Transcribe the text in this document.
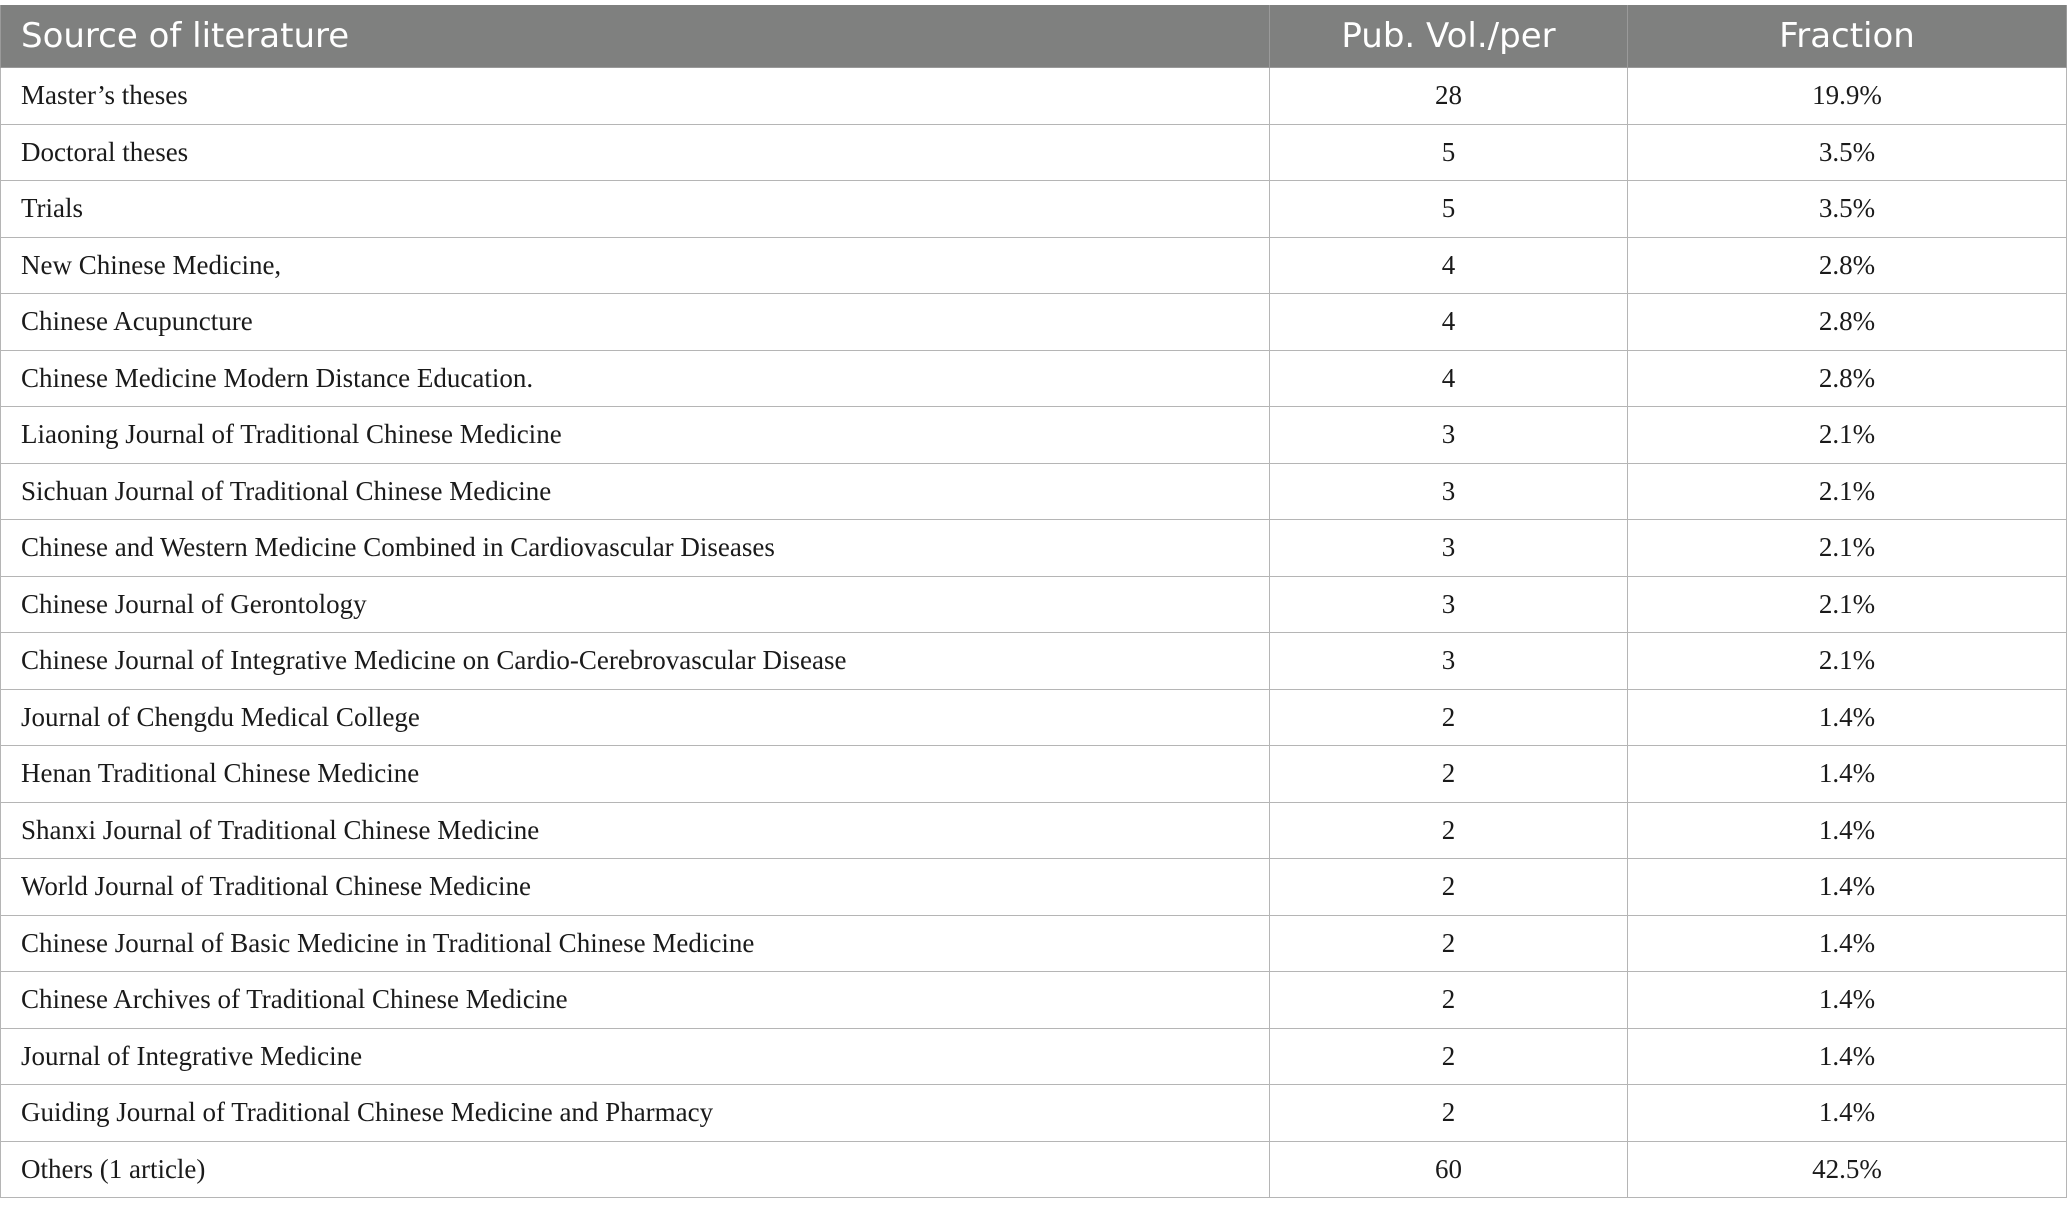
Source of literature	Pub. Vol./per	Fraction
Master’s theses	28	19.9%
Doctoral theses	5	3.5%
Trials	5	3.5%
New Chinese Medicine,	4	2.8%
Chinese Acupuncture	4	2.8%
Chinese Medicine Modern Distance Education.	4	2.8%
Liaoning Journal of Traditional Chinese Medicine	3	2.1%
Sichuan Journal of Traditional Chinese Medicine	3	2.1%
Chinese and Western Medicine Combined in Cardiovascular Diseases	3	2.1%
Chinese Journal of Gerontology	3	2.1%
Chinese Journal of Integrative Medicine on Cardio-Cerebrovascular Disease	3	2.1%
Journal of Chengdu Medical College	2	1.4%
Henan Traditional Chinese Medicine	2	1.4%
Shanxi Journal of Traditional Chinese Medicine	2	1.4%
World Journal of Traditional Chinese Medicine	2	1.4%
Chinese Journal of Basic Medicine in Traditional Chinese Medicine	2	1.4%
Chinese Archives of Traditional Chinese Medicine	2	1.4%
Journal of Integrative Medicine	2	1.4%
Guiding Journal of Traditional Chinese Medicine and Pharmacy	2	1.4%
Others (1 article)	60	42.5%
